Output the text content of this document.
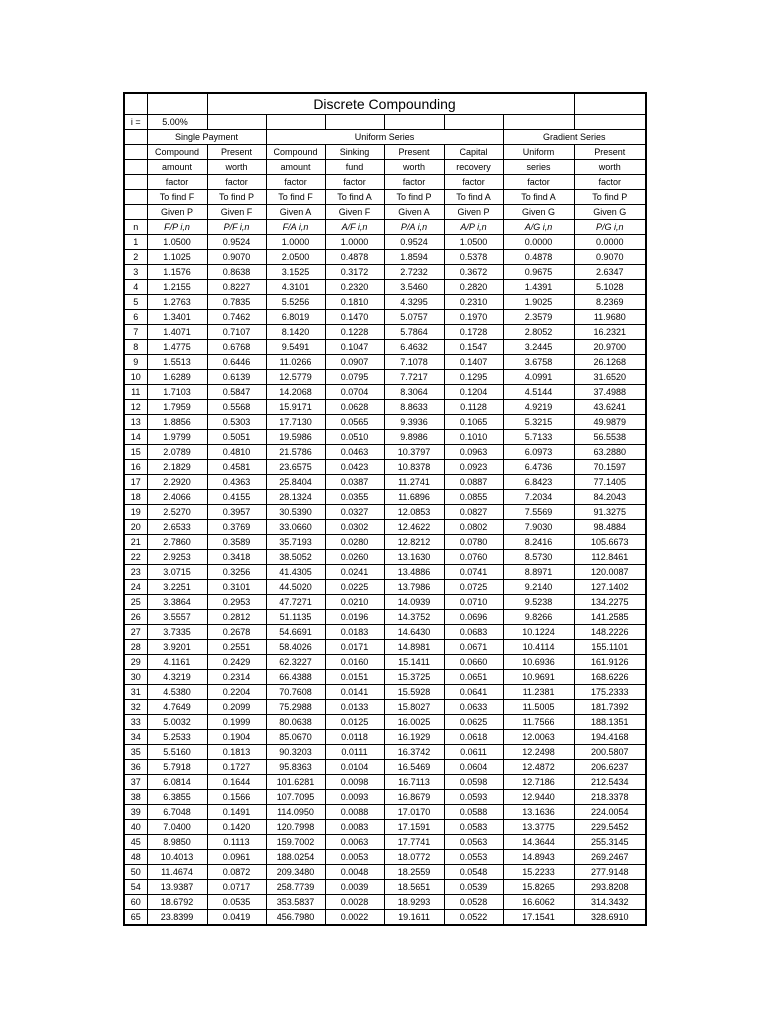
			Discrete Compounding					
i =	5.00%							
	Single Payment		Uniform Series				Gradient Series	
	Compound	Present	Compound	Sinking	Present	Capital	Uniform	Present
	amount	worth	amount	fund	worth	recovery	series	worth
	factor	factor	factor	factor	factor	factor	factor	factor
	To find F	To find P	To find F	To find A	To find P	To find A	To find A	To find P
	Given P	Given F	Given A	Given F	Given A	Given P	Given G	Given G
n	F/P i,n	P/F i,n	F/A i,n	A/F i,n	P/A i,n	A/P i,n	A/G i,n	P/G i,n
1	1.0500	0.9524	1.0000	1.0000	0.9524	1.0500	0.0000	0.0000
2	1.1025	0.9070	2.0500	0.4878	1.8594	0.5378	0.4878	0.9070
3	1.1576	0.8638	3.1525	0.3172	2.7232	0.3672	0.9675	2.6347
4	1.2155	0.8227	4.3101	0.2320	3.5460	0.2820	1.4391	5.1028
5	1.2763	0.7835	5.5256	0.1810	4.3295	0.2310	1.9025	8.2369
6	1.3401	0.7462	6.8019	0.1470	5.0757	0.1970	2.3579	11.9680
7	1.4071	0.7107	8.1420	0.1228	5.7864	0.1728	2.8052	16.2321
8	1.4775	0.6768	9.5491	0.1047	6.4632	0.1547	3.2445	20.9700
9	1.5513	0.6446	11.0266	0.0907	7.1078	0.1407	3.6758	26.1268
10	1.6289	0.6139	12.5779	0.0795	7.7217	0.1295	4.0991	31.6520
11	1.7103	0.5847	14.2068	0.0704	8.3064	0.1204	4.5144	37.4988
12	1.7959	0.5568	15.9171	0.0628	8.8633	0.1128	4.9219	43.6241
13	1.8856	0.5303	17.7130	0.0565	9.3936	0.1065	5.3215	49.9879
14	1.9799	0.5051	19.5986	0.0510	9.8986	0.1010	5.7133	56.5538
15	2.0789	0.4810	21.5786	0.0463	10.3797	0.0963	6.0973	63.2880
16	2.1829	0.4581	23.6575	0.0423	10.8378	0.0923	6.4736	70.1597
17	2.2920	0.4363	25.8404	0.0387	11.2741	0.0887	6.8423	77.1405
18	2.4066	0.4155	28.1324	0.0355	11.6896	0.0855	7.2034	84.2043
19	2.5270	0.3957	30.5390	0.0327	12.0853	0.0827	7.5569	91.3275
20	2.6533	0.3769	33.0660	0.0302	12.4622	0.0802	7.9030	98.4884
21	2.7860	0.3589	35.7193	0.0280	12.8212	0.0780	8.2416	105.6673
22	2.9253	0.3418	38.5052	0.0260	13.1630	0.0760	8.5730	112.8461
23	3.0715	0.3256	41.4305	0.0241	13.4886	0.0741	8.8971	120.0087
24	3.2251	0.3101	44.5020	0.0225	13.7986	0.0725	9.2140	127.1402
25	3.3864	0.2953	47.7271	0.0210	14.0939	0.0710	9.5238	134.2275
26	3.5557	0.2812	51.1135	0.0196	14.3752	0.0696	9.8266	141.2585
27	3.7335	0.2678	54.6691	0.0183	14.6430	0.0683	10.1224	148.2226
28	3.9201	0.2551	58.4026	0.0171	14.8981	0.0671	10.4114	155.1101
29	4.1161	0.2429	62.3227	0.0160	15.1411	0.0660	10.6936	161.9126
30	4.3219	0.2314	66.4388	0.0151	15.3725	0.0651	10.9691	168.6226
31	4.5380	0.2204	70.7608	0.0141	15.5928	0.0641	11.2381	175.2333
32	4.7649	0.2099	75.2988	0.0133	15.8027	0.0633	11.5005	181.7392
33	5.0032	0.1999	80.0638	0.0125	16.0025	0.0625	11.7566	188.1351
34	5.2533	0.1904	85.0670	0.0118	16.1929	0.0618	12.0063	194.4168
35	5.5160	0.1813	90.3203	0.0111	16.3742	0.0611	12.2498	200.5807
36	5.7918	0.1727	95.8363	0.0104	16.5469	0.0604	12.4872	206.6237
37	6.0814	0.1644	101.6281	0.0098	16.7113	0.0598	12.7186	212.5434
38	6.3855	0.1566	107.7095	0.0093	16.8679	0.0593	12.9440	218.3378
39	6.7048	0.1491	114.0950	0.0088	17.0170	0.0588	13.1636	224.0054
40	7.0400	0.1420	120.7998	0.0083	17.1591	0.0583	13.3775	229.5452
45	8.9850	0.1113	159.7002	0.0063	17.7741	0.0563	14.3644	255.3145
48	10.4013	0.0961	188.0254	0.0053	18.0772	0.0553	14.8943	269.2467
50	11.4674	0.0872	209.3480	0.0048	18.2559	0.0548	15.2233	277.9148
54	13.9387	0.0717	258.7739	0.0039	18.5651	0.0539	15.8265	293.8208
60	18.6792	0.0535	353.5837	0.0028	18.9293	0.0528	16.6062	314.3432
65	23.8399	0.0419	456.7980	0.0022	19.1611	0.0522	17.1541	328.6910
